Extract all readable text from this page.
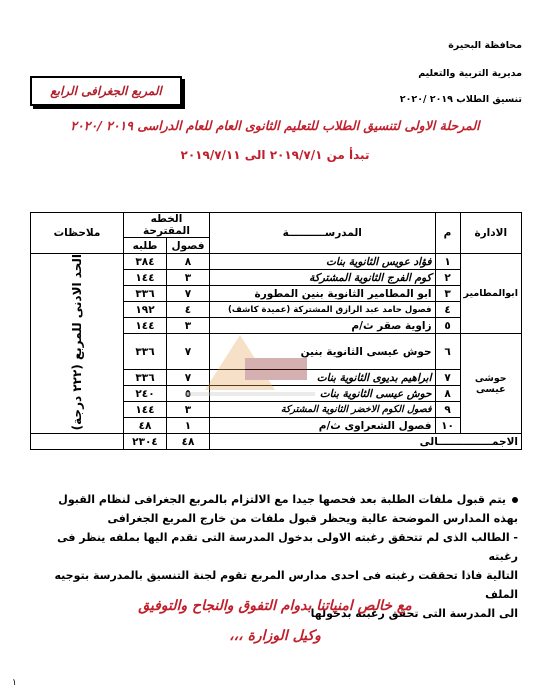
محافظة البحيرة
مديرية التربية والتعليم
تنسيق الطلاب ٢٠١٩ /٢٠٢٠
المربع الجغرافى الرابع
المرحلة الاولى لتنسيق الطلاب للتعليم الثانوى العام للعام الدراسى ٢٠١٩ /٢٠٢٠
تبدأ من ٢٠١٩/٧/١ الى ٢٠١٩/٧/١١
الادارة	م	المدرســــــــــة	الخطه المقترحة		ملاحظات
			فصول	طلبه	
ابوالمطامير	١	فؤاد عويس الثانوية بنات	٨	٣٨٤	الحد الادنى للمربع (٢٢٢ درجة)
	٢	كوم الفرج الثانوية المشتركة	٣	١٤٤	
	٣	ابو المطامير الثانوية بنين المطورة	٧	٣٣٦	
	٤	فصول حامد عبد الرازق المشتركة (عميدة كاشف)	٤	١٩٢	
	٥	زاوية صقر ث/م	٣	١٤٤	
حوشى عيسى	٦	حوش عيسى الثانوية بنين	٧	٣٣٦	
	٧	ابراهيم بديوى الثانوية بنات	٧	٣٣٦	
	٨	حوش عيسى الثانوية بنات	٥	٢٤٠	
	٩	فصول الكوم الاخضر الثانوية المشتركة	٣	١٤٤	
	١٠	فصول الشعراوى ث/م	١	٤٨	
الاجمـــــــــــــــالى			٤٨	٢٣٠٤	

يتم قبول ملفات الطلبة بعد فحصها جيدا مع الالتزام بالمربع الجغرافى لنظام القبول

بهذه المدارس الموضحة عالية ويحظر قبول ملفات من خارج المربع الجغرافى

- الطالب الذى لم تتحقق رغبته الاولى بدخول المدرسة التى تقدم اليها بملفه ينظر فى رغبته

التالية فاذا تحققت رغبته فى احدى مدارس المربع تقوم لجنة التنسيق بالمدرسة بتوجيه الملف

الى المدرسة التى تحقق رغبته بدخولها

مع خالص امنياتنا بدوام التفوق والنجاح والتوفيق
وكيل الوزارة ،،،
١
